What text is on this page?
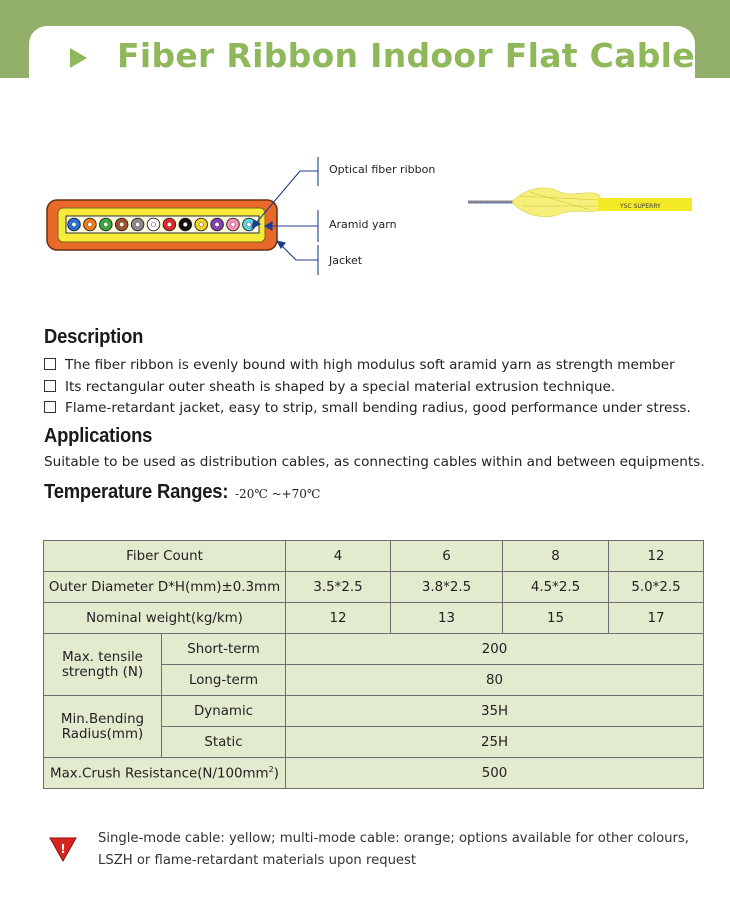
Fiber Ribbon Indoor Flat Cable
YSC SUPERRY
Optical fiber ribbon
Aramid yarn
Jacket
Description
The fiber ribbon is evenly bound with high modulus soft aramid yarn as strength member
Its rectangular outer sheath is shaped by a special material extrusion technique.
Flame-retardant jacket, easy to strip, small bending radius, good performance under stress.
Applications
Suitable to be used as distribution cables, as connecting cables within and between equipments.
Temperature Ranges: -20℃ ~+70℃
Fiber Count		4	6	8	12
Outer Diameter D*H(mm)±0.3mm		3.5*2.5	3.8*2.5	4.5*2.5	5.0*2.5
Nominal weight(kg/km)		12	13	15	17

Max. tensile
strength (N)	Short-term	200			
	Long-term	80			

Min.Bending
Radius(mm)	Dynamic	35H			
	Static	25H			
Max.Crush $Resistance(N/100mm^2)$		500			
!
Single-mode cable: yellow; multi-mode cable: orange; options available for other colours,
LSZH or flame-retardant materials upon request
